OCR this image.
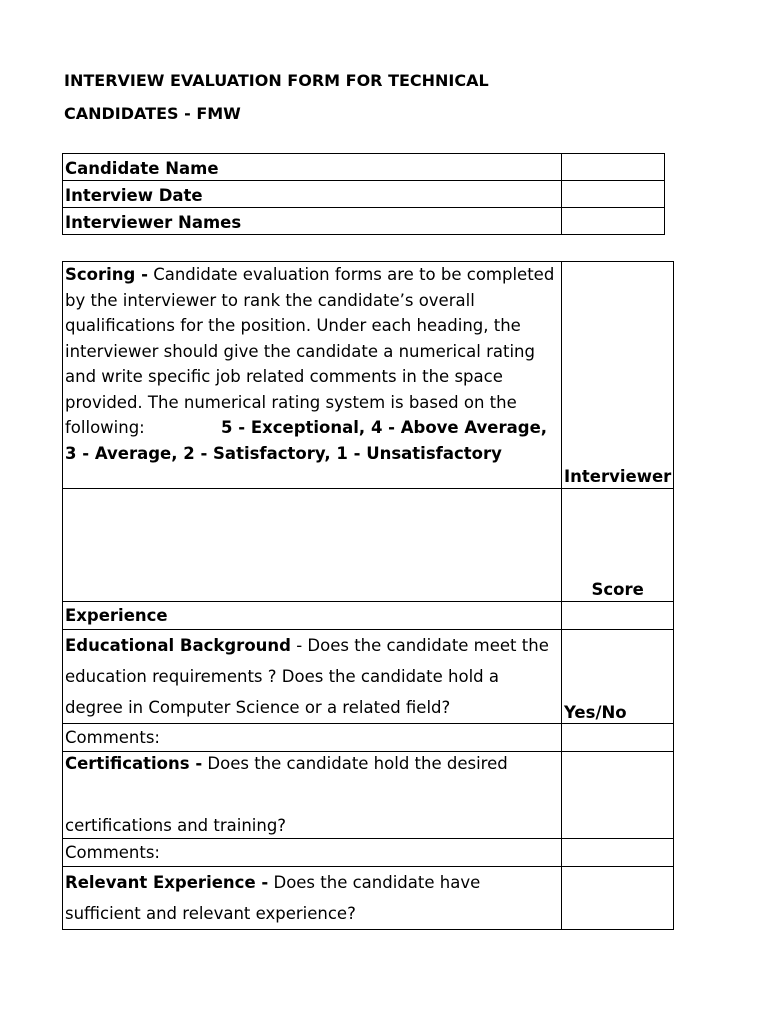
INTERVIEW EVALUATION FORM FOR TECHNICAL
CANDIDATES - FMW
Candidate Name	
Interview Date	
Interviewer Names	
Scoring - Candidate evaluation forms are to be completed by the interviewer to rank the candidate’s overall qualifications for the position. Under each heading, the interviewer should give the candidate a numerical rating and write specific job related comments in the space provided. The numerical rating system is based on the following: 5 - Exceptional, 4 - Above Average, 3 - Average, 2 - Satisfactory, 1 - Unsatisfactory	Interviewer
	Score
Experience	
Educational Background - Does the candidate meet the education requirements ? Does the candidate hold a degree in Computer Science or a related field?	Yes/No
Comments:	
Certifications - Does the candidate hold the desired
certifications and training?	

Comments:	
Relevant Experience - Does the candidate have sufficient and relevant experience?	
